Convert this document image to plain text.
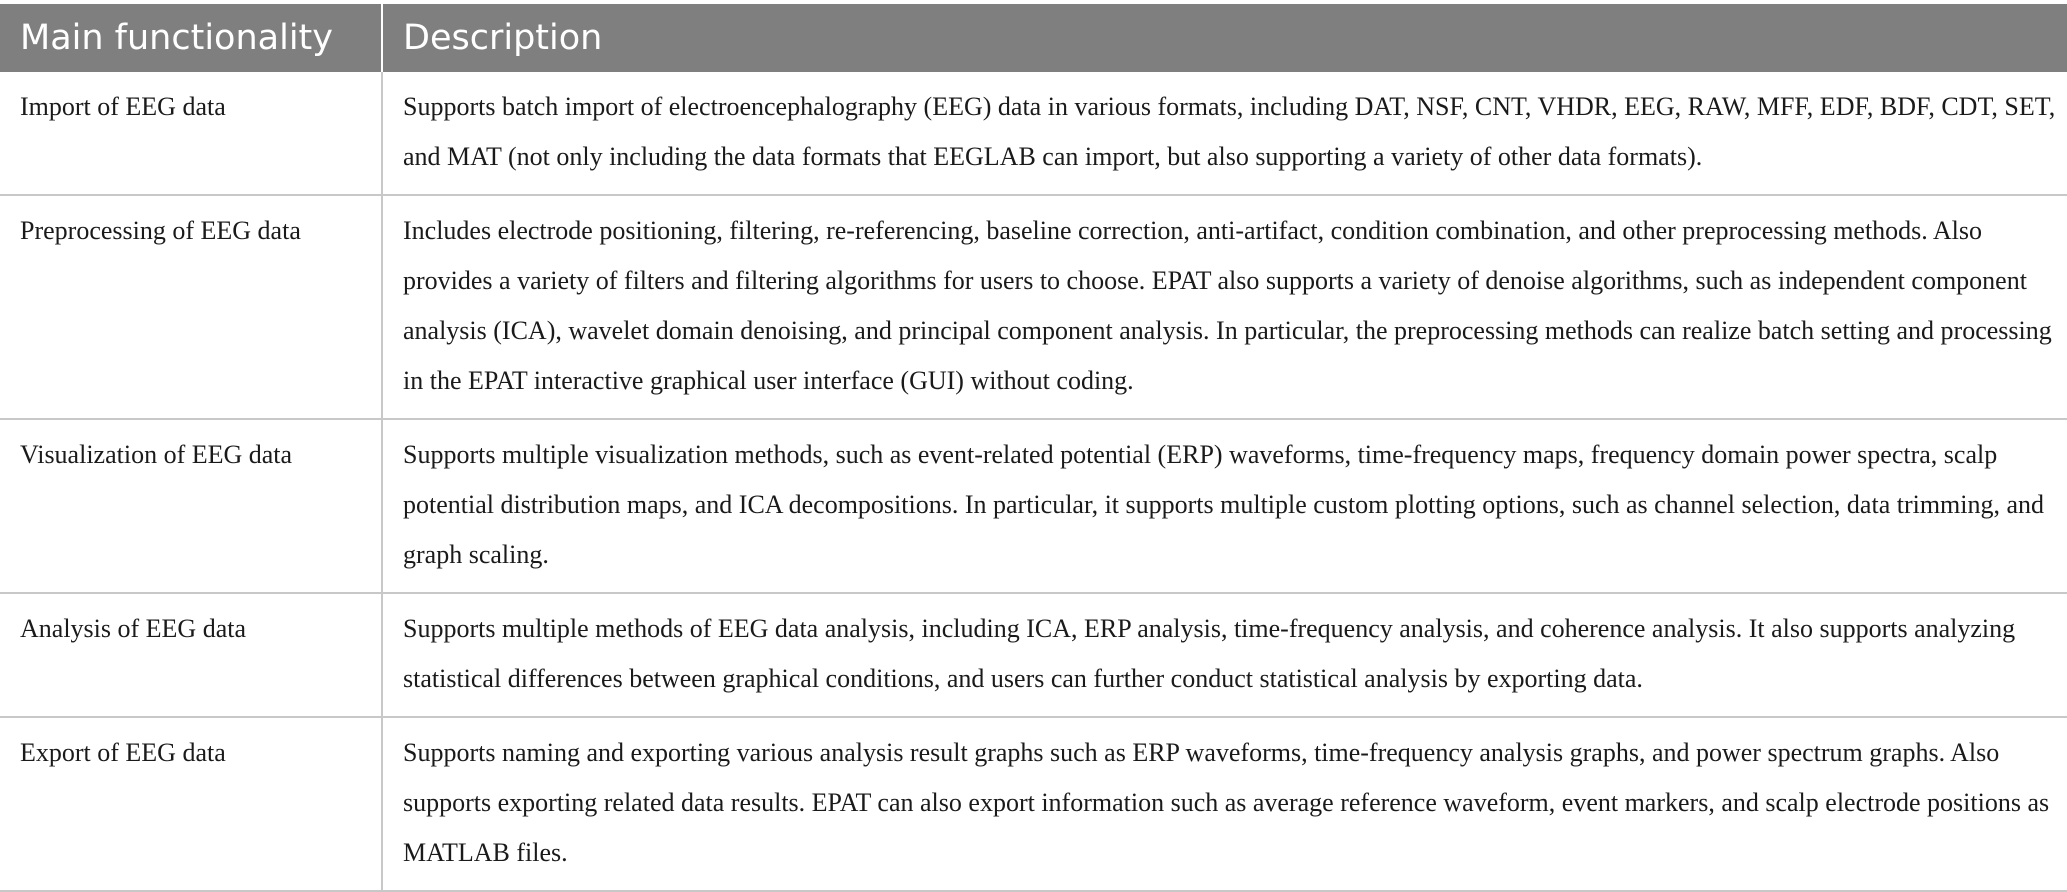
Main functionality	Description
Import of EEG data	Supports batch import of electroencephalography (EEG) data in various formats, including DAT, NSF, CNT, VHDR, EEG, RAW, MFF, EDF, BDF, CDT, SET, and MAT (not only including the data formats that EEGLAB can import, but also supporting a variety of other data formats).
Preprocessing of EEG data	Includes electrode positioning, filtering, re-referencing, baseline correction, anti-artifact, condition combination, and other preprocessing methods. Also provides a variety of filters and filtering algorithms for users to choose. EPAT also supports a variety of denoise algorithms, such as independent component analysis (ICA), wavelet domain denoising, and principal component analysis. In particular, the preprocessing methods can realize batch setting and processing in the EPAT interactive graphical user interface (GUI) without coding.
Visualization of EEG data	Supports multiple visualization methods, such as event-related potential (ERP) waveforms, time-frequency maps, frequency domain power spectra, scalp potential distribution maps, and ICA decompositions. In particular, it supports multiple custom plotting options, such as channel selection, data trimming, and graph scaling.
Analysis of EEG data	Supports multiple methods of EEG data analysis, including ICA, ERP analysis, time-frequency analysis, and coherence analysis. It also supports analyzing statistical differences between graphical conditions, and users can further conduct statistical analysis by exporting data.
Export of EEG data	Supports naming and exporting various analysis result graphs such as ERP waveforms, time-frequency analysis graphs, and power spectrum graphs. Also supports exporting related data results. EPAT can also export information such as average reference waveform, event markers, and scalp electrode positions as MATLAB files.
